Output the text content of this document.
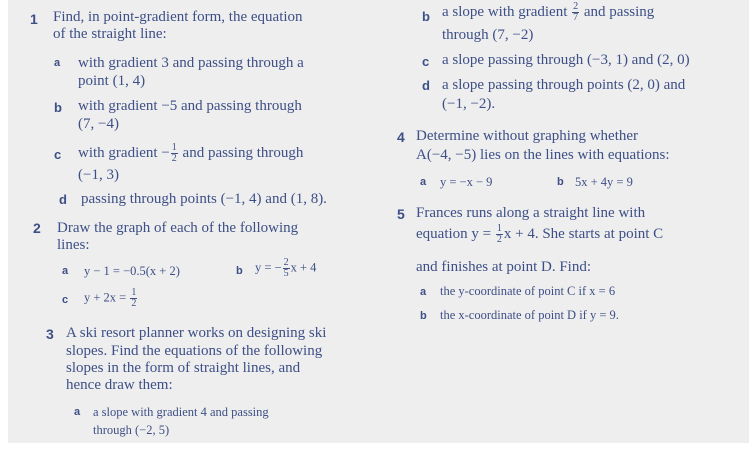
1 Find, in point-gradient form, the equation
of the straight line:
a with gradient 3 and passing through a
point (1, 4)
b with gradient −5 and passing through
(7, −4)
c with gradient − $\frac{1}{2}$ and passing through
(−1, 3)
d passing through points (−1, 4) and (1, 8).
2 Draw the graph of each of the following
lines:
a y − 1 = −0.5(x + 2)	b y = − $\frac{2}{5}$ x + 4
c $y + 2x = \frac{1}{2}$
3 A ski resort planner works on designing ski
slopes. Find the equations of the following
slopes in the form of straight lines, and
hence draw them:
a a slope with gradient 4 and passing
through (−2, 5)
b a slope with gradient $\frac{2}{7}$ and passing
through (7, −2)
c a slope passing through (−3, 1) and (2, 0)
d a slope passing through points (2, 0) and
(−1, −2).
4 Determine without graphing whether
A(−4, −5) lies on the lines with equations:
a y = −x − 9	b 5x + 4y = 9
5 Frances runs along a straight line with
equation $y = \frac{1}{2}$ x + 4. She starts at point C
and finishes at point D. Find:
a the y-coordinate of point C if x = 6
b the x-coordinate of point D if y = 9.
